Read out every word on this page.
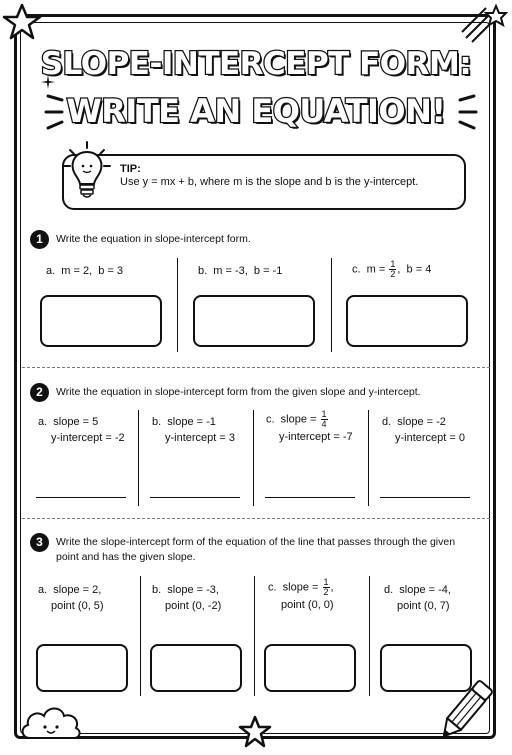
SLOPE-INTERCEPT FORM:
WRITE AN EQUATION!
TIP:
Use y = mx + b, where m is the slope and b is the y-intercept.
1	Write the equation in slope-intercept form.
a.  m = 2,  b = 3	b.  m = -3,  b = -1	c.  $m = \frac{1}{2}$ ,  b = 4
2	Write the equation in slope-intercept form from the given slope and y-intercept.
a.  slope = 5
y-intercept = -2
b.  slope = -1
y-intercept = 3
c.  slope = $\frac{1}{4}$

y-intercept = -7
d.  slope = -2
y-intercept = 0
3	Write the slope-intercept form of the equation of the line that passes through the given point and has the given slope.
a.  slope = 2,
point (0, 5)
b.  slope = -3,
point (0, -2)
c.  slope = $\frac{1}{2}$ ,
point (0, 0)
d.  slope = -4,
point (0, 7)
